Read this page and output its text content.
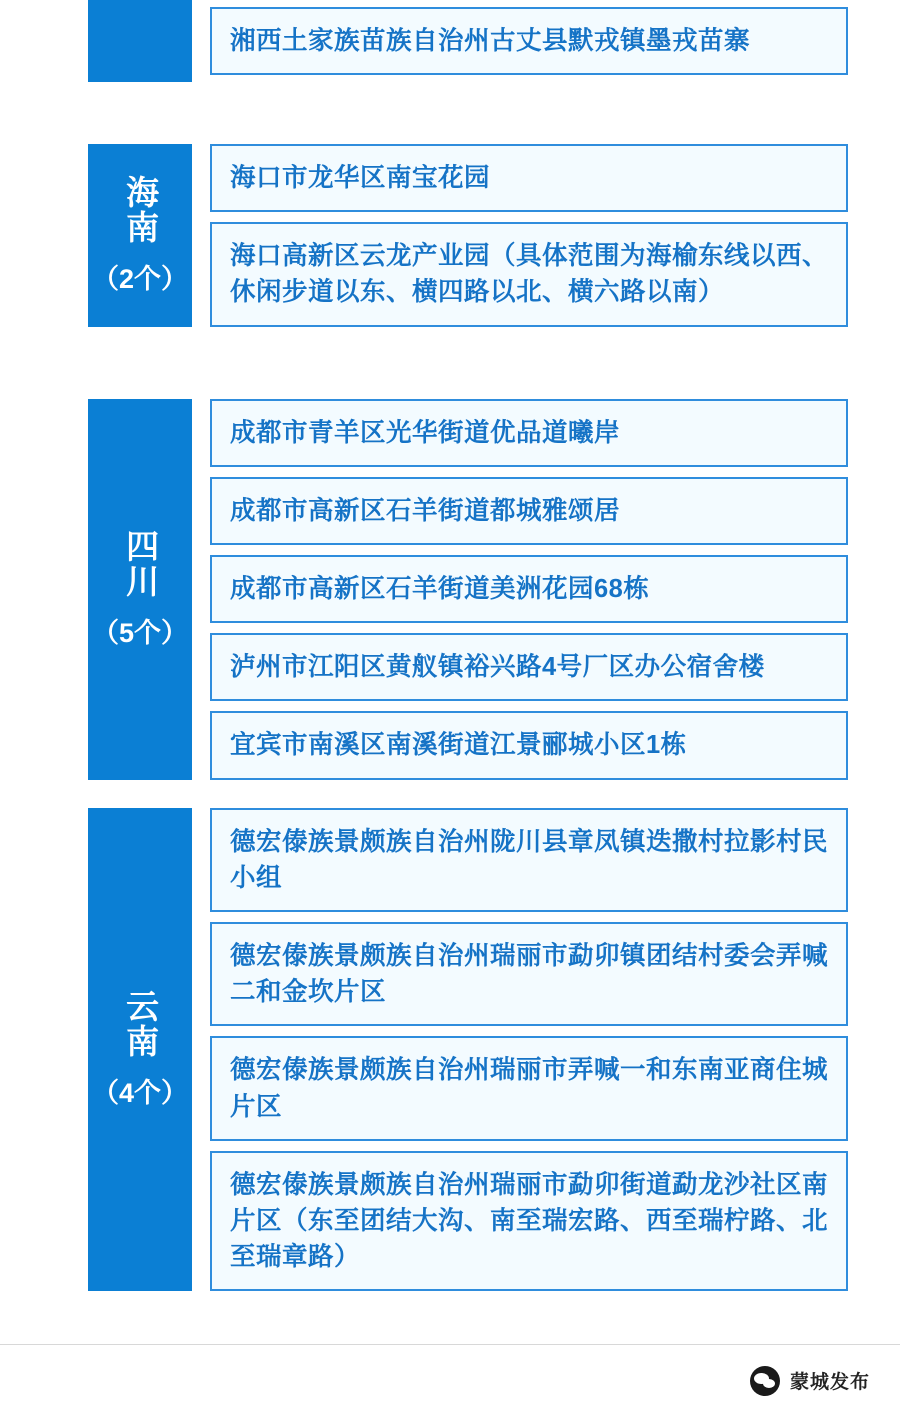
湘西土家族苗族自治州古丈县默戎镇墨戎苗寨
海南
（2个）
海口市龙华区南宝花园
海口高新区云龙产业园（具体范围为海榆东线以西、休闲步道以东、横四路以北、横六路以南）
四川
（5个）
成都市青羊区光华街道优品道曦岸
成都市高新区石羊街道都城雅颂居
成都市高新区石羊街道美洲花园68栋
泸州市江阳区黄舣镇裕兴路4号厂区办公宿舍楼
宜宾市南溪区南溪街道江景郦城小区1栋
云南
（4个）
德宏傣族景颇族自治州陇川县章凤镇迭撒村拉影村民小组
德宏傣族景颇族自治州瑞丽市勐卯镇团结村委会弄喊二和金坎片区
德宏傣族景颇族自治州瑞丽市弄喊一和东南亚商住城片区
德宏傣族景颇族自治州瑞丽市勐卯街道勐龙沙社区南片区（东至团结大沟、南至瑞宏路、西至瑞柠路、北至瑞章路）
蒙城发布
